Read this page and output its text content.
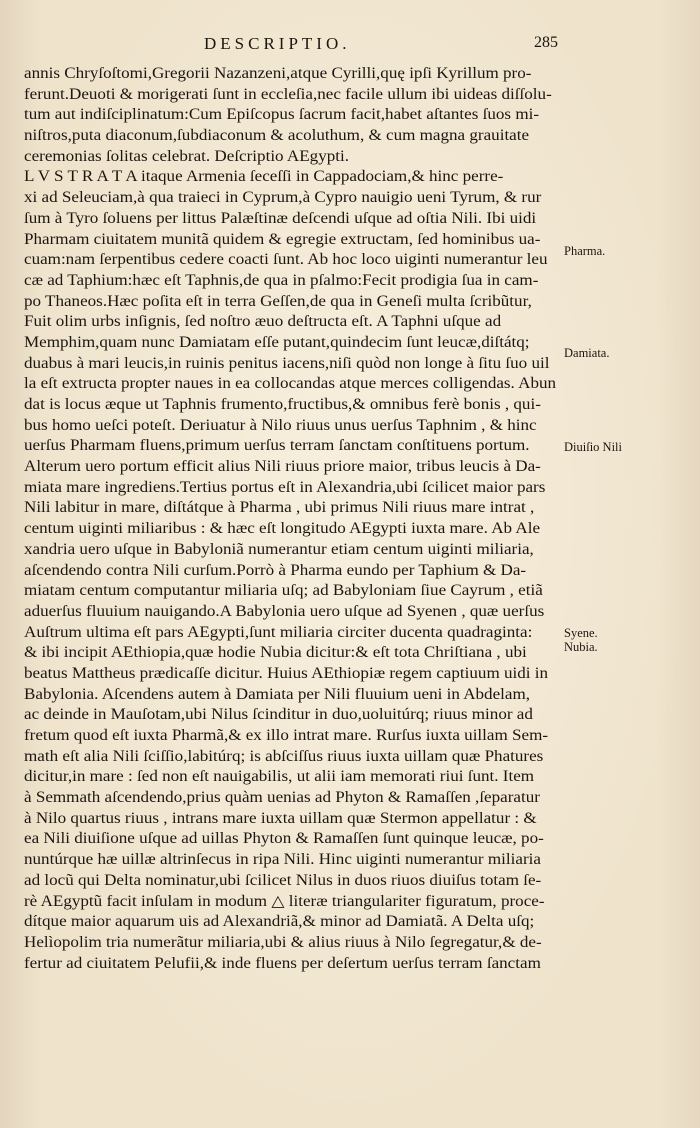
DESCRIPTIO.	285
annis Chryſoſtomi,Gregorii Nazanzeni,atque Cyrilli,quę ipſi Kyrillum pro-
ferunt.Deuoti & morigerati ſunt in eccleſia,nec facile ullum ibi uideas diſſolu-
tum aut indiſciplinatum:Cum Epiſcopus ſacrum facit,habet aſtantes ſuos mi-
niſtros,puta diaconum,ſubdiaconum & acoluthum, & cum magna grauitate
ceremonias ſolitas celebrat. Deſcriptio AEgypti.
L V S T R A T A itaque Armenia ſeceſſi in Cappadociam,& hinc perre-
xi ad Seleuciam,à qua traieci in Cyprum,à Cypro nauigio ueni Tyrum, & rur
ſum à Tyro ſoluens per littus Palæſtinæ deſcendi uſque ad oſtia Nili. Ibi uidi
Pharmam ciuitatem munitã quidem & egregie extructam, ſed hominibus ua-
cuam:nam ſerpentibus cedere coacti ſunt. Ab hoc loco uiginti numerantur leu
cæ ad Taphium:hæc eſt Taphnis,de qua in pſalmo:Fecit prodigia ſua in cam-
po Thaneos.Hæc poſita eſt in terra Geſſen,de qua in Geneſi multa ſcribũtur,
Fuit olim urbs inſignis, ſed noſtro æuo deſtructa eſt. A Taphni uſque ad
Memphim,quam nunc Damiatam eſſe putant,quindecim ſunt leucæ,diſtátq;
duabus à mari leucis,in ruinis penitus iacens,niſi quòd non longe à ſitu ſuo uil
la eſt extructa propter naues in ea collocandas atque merces colligendas. Abun
dat is locus æque ut Taphnis frumento,fructibus,& omnibus ferè bonis , qui-
bus homo ueſci poteſt. Deriuatur à Nilo riuus unus uerſus Taphnim , & hinc
uerſus Pharmam fluens,primum uerſus terram ſanctam conſtituens portum.
Alterum uero portum efficit alius Nili riuus priore maior, tribus leucis à Da-
miata mare ingrediens.Tertius portus eſt in Alexandria,ubi ſcilicet maior pars
Nili labitur in mare, diſtátque à Pharma , ubi primus Nili riuus mare intrat ,
centum uiginti miliaribus : & hæc eſt longitudo AEgypti iuxta mare. Ab Ale
xandria uero uſque in Babyloniã numerantur etiam centum uiginti miliaria,
aſcendendo contra Nili curſum.Porrò à Pharma eundo per Taphium & Da-
miatam centum computantur miliaria uſq; ad Babyloniam ſiue Cayrum , etiã
aduerſus fluuium nauigando.A Babylonia uero uſque ad Syenen , quæ uerſus
Auſtrum ultima eſt pars AEgypti,ſunt miliaria circiter ducenta quadraginta:
& ibi incipit AEthiopia,quæ hodie Nubia dicitur:& eſt tota Chriſtiana , ubi
beatus Mattheus prædicaſſe dicitur. Huius AEthiopiæ regem captiuum uidi in
Babylonia. Aſcendens autem à Damiata per Nili fluuium ueni in Abdelam,
ac deinde in Mauſotam,ubi Nilus ſcinditur in duo,uoluitúrq; riuus minor ad
fretum quod eſt iuxta Pharmã,& ex illo intrat mare. Rurſus iuxta uillam Sem-
math eſt alia Nili ſciſſio,labitúrq; is abſciſſus riuus iuxta uillam quæ Phatures
dicitur,in mare : ſed non eſt nauigabilis, ut alii iam memorati riui ſunt. Item
à Semmath aſcendendo,prius quàm uenias ad Phyton & Ramaſſen ,ſeparatur
à Nilo quartus riuus , intrans mare iuxta uillam quæ Stermon appellatur : &
ea Nili diuiſione uſque ad uillas Phyton & Ramaſſen ſunt quinque leucæ, po-
nuntúrque hæ uillæ altrinſecus in ripa Nili. Hinc uiginti numerantur miliaria
ad locũ qui Delta nominatur,ubi ſcilicet Nilus in duos riuos diuiſus totam ſe-
rè AEgyptũ facit inſulam in modum △ literæ triangulariter figuratum, proce-
dítque maior aquarum uis ad Alexandriã,& minor ad Damiatã. A Delta uſq;
Helìopolim tria numerãtur miliaria,ubi & alius riuus à Nilo ſegregatur,& de-
fertur ad ciuitatem Pelufii,& inde fluens per deſertum uerſus terram ſanctam
Pharma.
Damiata.
Diuiſio Nili
Syene.
Nubia.
